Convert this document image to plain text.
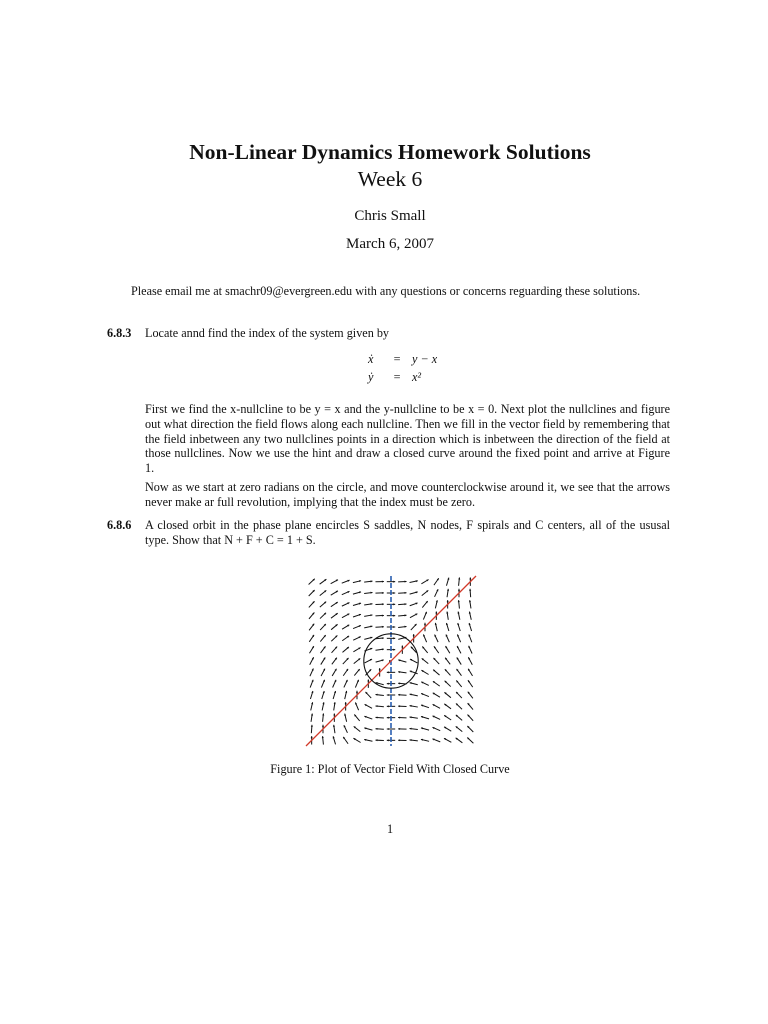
Non-Linear Dynamics Homework Solutions
Week 6
Chris Small
March 6, 2007
Please email me at smachr09@evergreen.edu with any questions or concerns reguarding these solutions.
6.8.3 Locate annd find the index of the system given by
ẋ = y − x
ẏ = x²
First we find the x-nullcline to be y = x and the y-nullcline to be x = 0. Next plot the nullclines and figure out what direction the field flows along each nullcline. Then we fill in the vector field by remembering that the field inbetween any two nullclines points in a direction which is inbetween the direction of the field at those nullclines. Now we use the hint and draw a closed curve around the fixed point and arrive at Figure 1.
Now as we start at zero radians on the circle, and move counterclockwise around it, we see that the arrows never make ar full revolution, implying that the index must be zero.
6.8.6 A closed orbit in the phase plane encircles S saddles, N nodes, F spirals and C centers, all of the ususal type. Show that N + F + C = 1 + S.
Figure 1: Plot of Vector Field With Closed Curve
1
